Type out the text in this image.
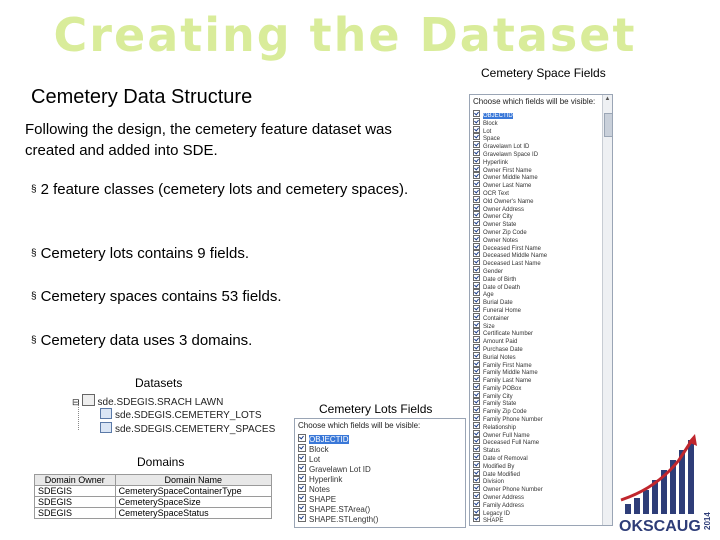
Creating the Dataset
Cemetery Space Fields
Cemetery Data Structure
Following the design, the cemetery feature dataset was created and added into SDE.
§ 2 feature classes (cemetery lots and cemetery spaces).
§ Cemetery lots contains 9 fields.
§ Cemetery spaces contains 53 fields.
§ Cemetery data uses 3 domains.
Datasets
⊟ sde.SDEGIS.SRACH LAWN
sde.SDEGIS.CEMETERY_LOTS
sde.SDEGIS.CEMETERY_SPACES
Cemetery Lots Fields
Domains
Domain Owner	Domain Name
SDEGIS	CemeterySpaceContainerType
SDEGIS	CemeterySpaceSize
SDEGIS	CemeterySpaceStatus
Choose which fields will be visible:
OBJECTID
Block
Lot
Gravelawn Lot ID
Hyperlink
Notes
SHAPE
SHAPE.STArea()
SHAPE.STLength()
Choose which fields will be visible:
OBJECTID
Block
Lot
Space
Gravelawn Lot ID
Gravelawn Space ID
Hyperlink
Owner First Name
Owner Middle Name
Owner Last Name
OCR Text
Old Owner's Name
Owner Address
Owner City
Owner State
Owner Zip Code
Owner Notes
Deceased First Name
Deceased Middle Name
Deceased Last Name
Gender
Date of Birth
Date of Death
Age
Burial Date
Funeral Home
Container
Size
Certificate Number
Amount Paid
Purchase Date
Burial Notes
Family First Name
Family Middle Name
Family Last Name
Family POBox
Family City
Family State
Family Zip Code
Family Phone Number
Relationship
Owner Full Name
Deceased Full Name
Status
Date of Removal
Modified By
Date Modified
Division
Owner Phone Number
Owner Address
Family Address
Legacy ID
SHAPE
▲
OKSCAUG 2014
